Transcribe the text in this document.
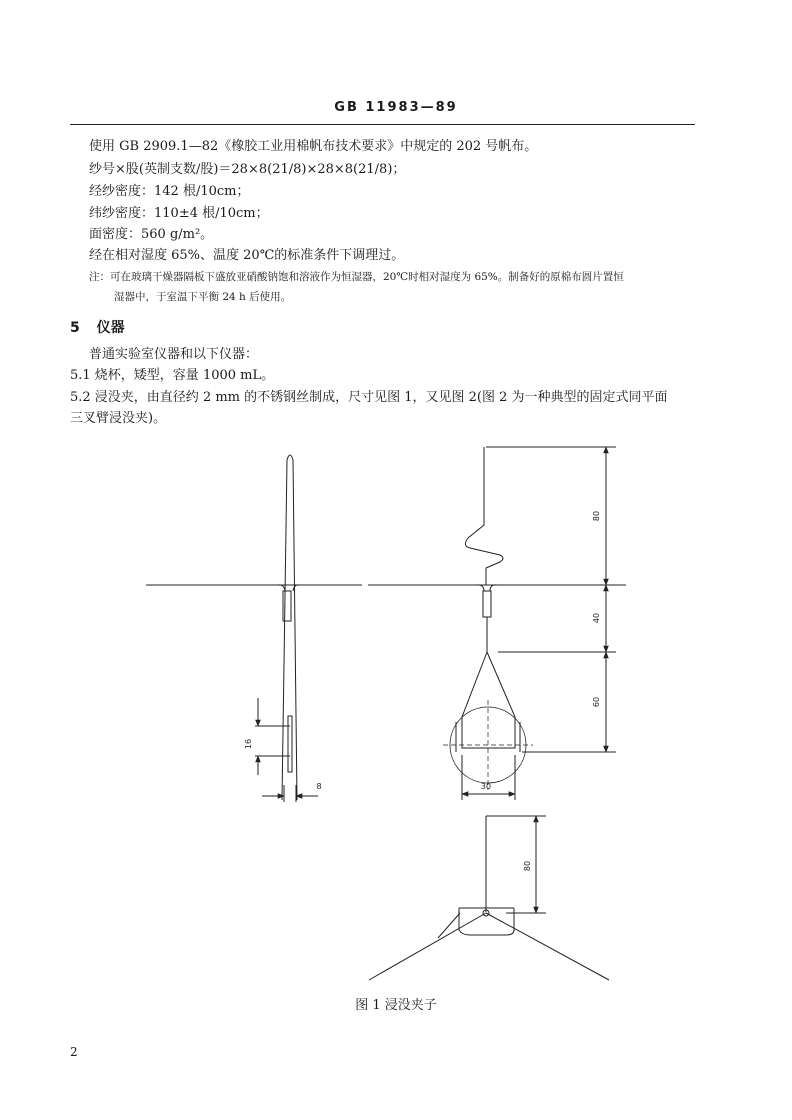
GB 11983—89
使用 GB 2909.1—82《橡胶工业用棉帆布技术要求》中规定的 202 号帆布。
纱号×股(英制支数/股)＝28×8(21/8)×28×8(21/8)；
经纱密度：142 根/10cm；
纬纱密度：110±4 根/10cm；
面密度：560 g/m²。
经在相对湿度 65%、温度 20℃的标准条件下调理过。
注：可在玻璃干燥器隔板下盛放亚硝酸钠饱和溶液作为恒湿器，20℃时相对湿度为 65%。制备好的原棉布圆片置恒
湿器中，于室温下平衡 24 h 后使用。
5 仪器
普通实验室仪器和以下仪器：
5.1 烧杯，矮型，容量 1000 mL。
5.2 浸没夹，由直径约 2 mm 的不锈钢丝制成，尺寸见图 1，又见图 2(图 2 为一种典型的固定式同平面
三叉臂浸没夹)。
16
8
80
40
60
30
80
图 1 浸没夹子
2
